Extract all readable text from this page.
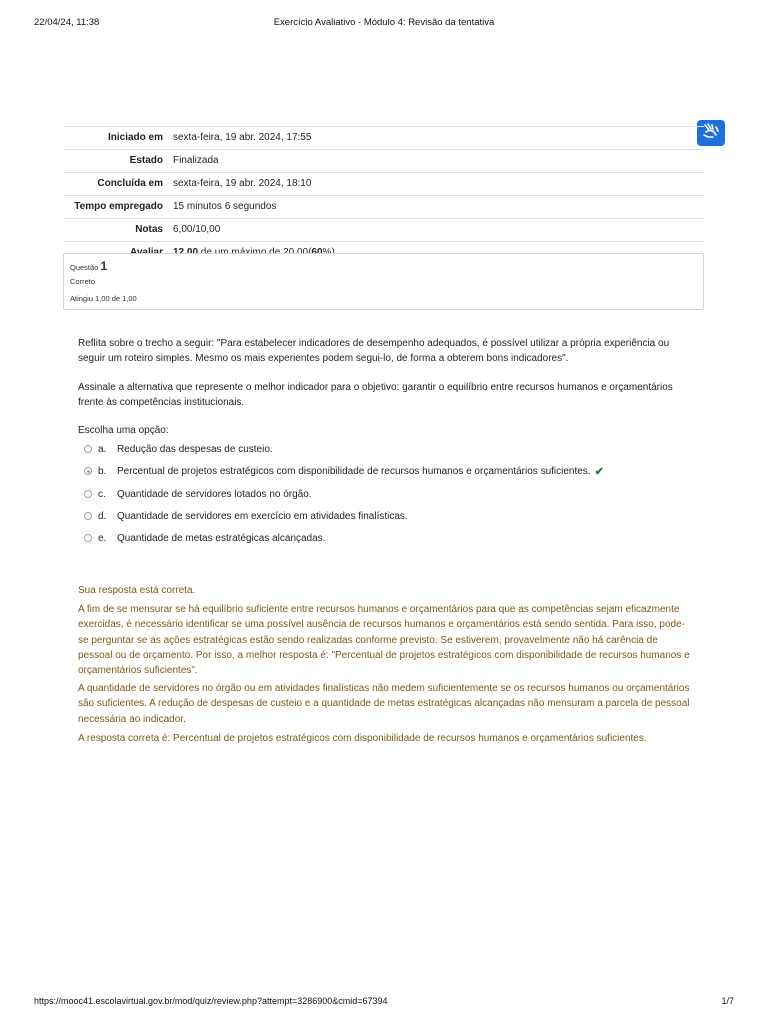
22/04/24, 11:38	Exercício Avaliativo - Módulo 4: Revisão da tentativa
Iniciado em	sexta-feira, 19 abr. 2024, 17:55
Estado	Finalizada
Concluída em	sexta-feira, 19 abr. 2024, 18:10
Tempo empregado	15 minutos 6 segundos
Notas	6,00/10,00

Questão 1
Correto
Atingiu 1,00 de 1,00

Reflita sobre o trecho a seguir: "Para estabelecer indicadores de desempenho adequados, é possível utilizar a própria experiência ou seguir um roteiro simples. Mesmo os mais experientes podem segui-lo, de forma a obterem bons indicadores".

Assinale a alternativa que represente o melhor indicador para o objetivo: garantir o equilíbrio entre recursos humanos e orçamentários frente às competências institucionais.

Escolha uma opção:
a.	Redução das despesas de custeio.
b.	Percentual de projetos estratégicos com disponibilidade de recursos humanos e orçamentários suficientes. ✔
c.	Quantidade de servidores lotados no órgão.
d.	Quantidade de servidores em exercício em atividades finalísticas.
e.	Quantidade de metas estratégicas alcançadas.

Sua resposta está correta.

A fim de se mensurar se há equilíbrio suficiente entre recursos humanos e orçamentários para que as competências sejam eficazmente exercidas, é necessário identificar se uma possível ausência de recursos humanos e orçamentários está sendo sentida. Para isso, pode-se perguntar se as ações estratégicas estão sendo realizadas conforme previsto. Se estiverem, provavelmente não há carência de pessoal ou de orçamento. Por isso, a melhor resposta é: "Percentual de projetos estratégicos com disponibilidade de recursos humanos e orçamentários suficientes".

A quantidade de servidores no órgão ou em atividades finalísticas não medem suficientemente se os recursos humanos ou orçamentários são suficientes. A redução de despesas de custeio e a quantidade de metas estratégicas alcançadas não mensuram a parcela de pessoal necessária ao indicador.

A resposta correta é: Percentual de projetos estratégicos com disponibilidade de recursos humanos e orçamentários suficientes.

https://mooc41.escolavirtual.gov.br/mod/quiz/review.php?attempt=3286900&cmid=67394	1/7
